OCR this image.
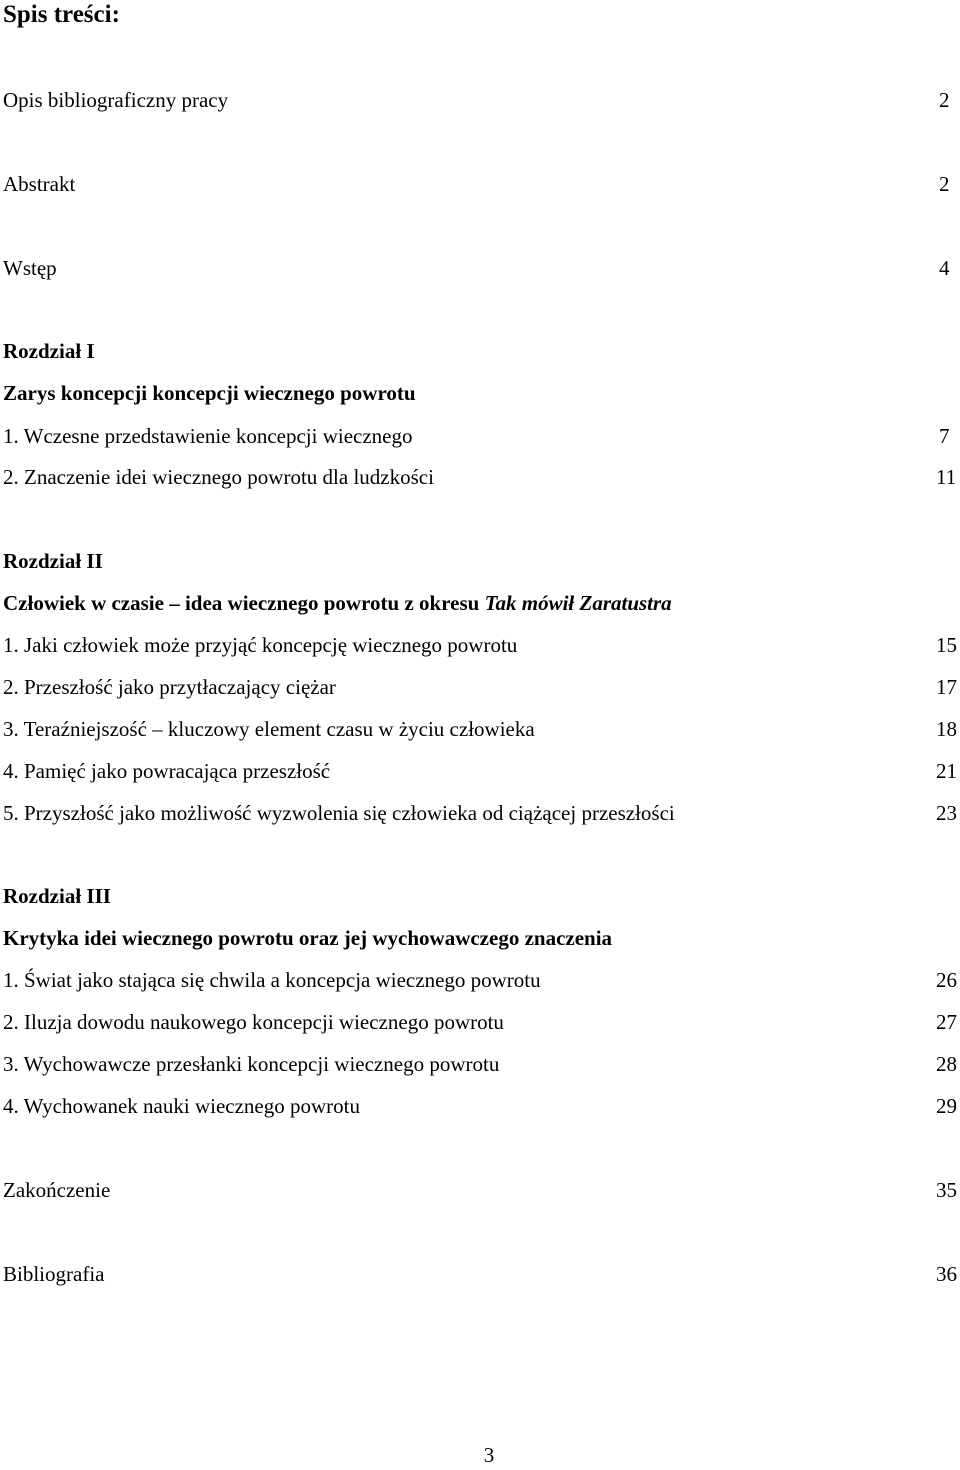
Spis treści:
Opis bibliograficzny pracy	2
Abstrakt	2
Wstęp	4
Rozdział I
Zarys koncepcji koncepcji wiecznego powrotu
1. Wczesne przedstawienie koncepcji wiecznego	7
2. Znaczenie idei wiecznego powrotu dla ludzkości	11
Rozdział II
Człowiek w czasie – idea wiecznego powrotu z okresu Tak mówił Zaratustra
1. Jaki człowiek może przyjąć koncepcję wiecznego powrotu	15
2. Przeszłość jako przytłaczający ciężar	17
3. Teraźniejszość – kluczowy element czasu w życiu człowieka	18
4. Pamięć jako powracająca przeszłość	21
5. Przyszłość jako możliwość wyzwolenia się człowieka od ciążącej przeszłości	23
Rozdział III
Krytyka idei wiecznego powrotu oraz jej wychowawczego znaczenia
1. Świat jako stająca się chwila a koncepcja wiecznego powrotu	26
2. Iluzja dowodu naukowego koncepcji wiecznego powrotu	27
3. Wychowawcze przesłanki koncepcji wiecznego powrotu	28
4. Wychowanek nauki wiecznego powrotu	29
Zakończenie	35
Bibliografia	36
3
